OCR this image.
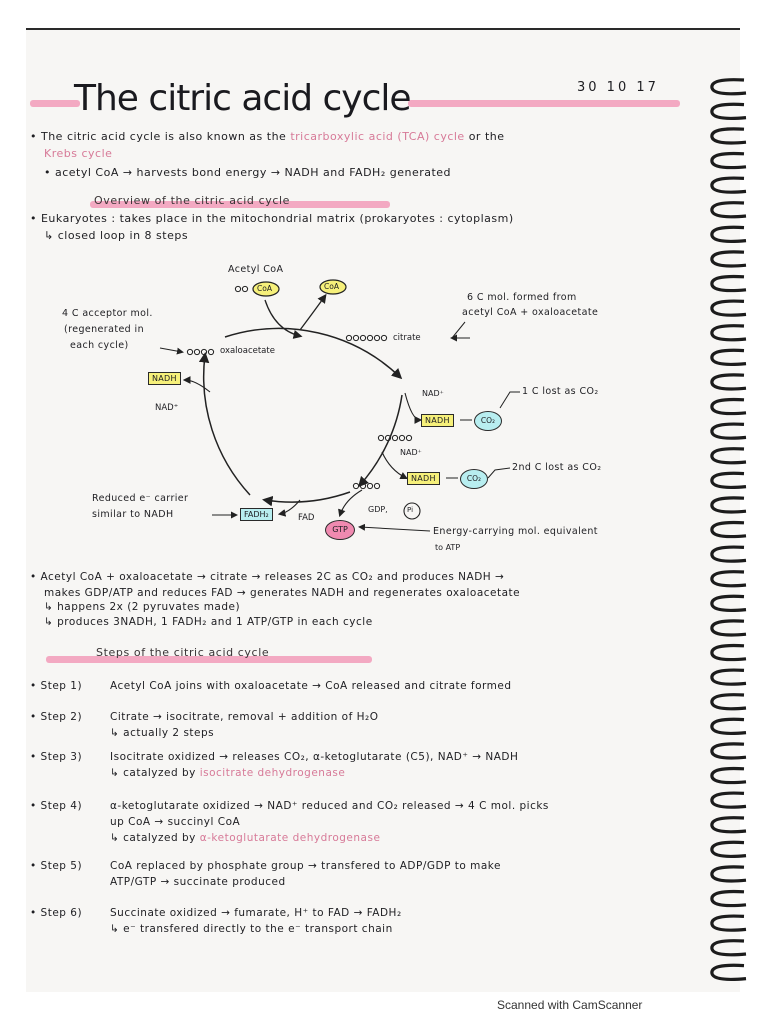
The citric acid cycle	30 10 17
• The citric acid cycle is also known as the tricarboxylic acid (TCA) cycle or the
Krebs cycle
• acetyl CoA → harvests bond energy → NADH and FADH₂ generated
Overview of the citric acid cycle
• Eukaryotes : takes place in the mitochondrial matrix (prokaryotes : cytoplasm)
↳ closed loop in 8 steps
Acetyl CoA
CoA	CoA
4 C acceptor mol.
(regenerated in
each cycle)	oxaloacetate
citrate
6 C mol. formed from
acetyl CoA + oxaloacetate
NAD⁺
NADH	CO₂
1 C lost as CO₂
NAD⁺
NADH	CO₂
2nd C lost as CO₂
GDP,	Pi
GTP	Energy-carrying mol. equivalent
to ATP
FAD
FADH₂
Reduced e⁻ carrier
similar to NADH
NADH
NAD⁺
• Acetyl CoA + oxaloacetate → citrate → releases 2C as CO₂ and produces NADH →
makes GDP/ATP and reduces FAD → generates NADH and regenerates oxaloacetate
↳ happens 2x (2 pyruvates made)
↳ produces 3NADH, 1 FADH₂ and 1 ATP/GTP in each cycle
Steps of the citric acid cycle
• Step 1)	Acetyl CoA joins with oxaloacetate → CoA released and citrate formed
• Step 2)	Citrate → isocitrate, removal + addition of H₂O
↳ actually 2 steps
• Step 3)	Isocitrate oxidized → releases CO₂, α-ketoglutarate (C5), NAD⁺ → NADH
↳ catalyzed by isocitrate dehydrogenase
• Step 4)	α-ketoglutarate oxidized → NAD⁺ reduced and CO₂ released → 4 C mol. picks
up CoA → succinyl CoA
↳ catalyzed by α-ketoglutarate dehydrogenase
• Step 5)	CoA replaced by phosphate group → transfered to ADP/GDP to make
ATP/GTP → succinate produced
• Step 6)	Succinate oxidized → fumarate, H⁺ to FAD → FADH₂
↳ e⁻ transfered directly to the e⁻ transport chain
Scanned with CamScanner
